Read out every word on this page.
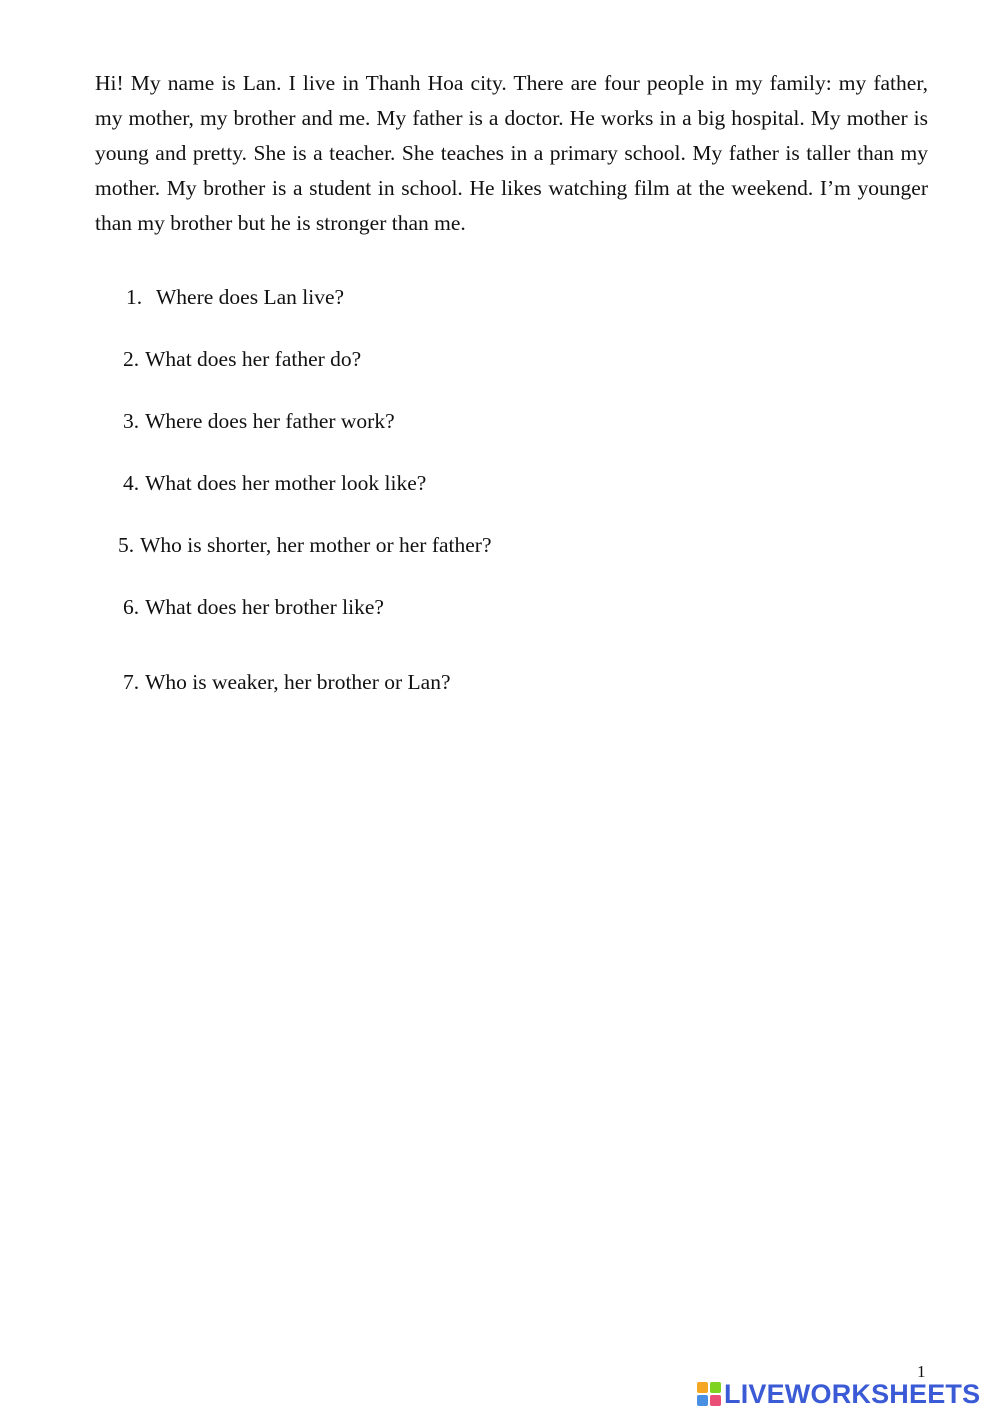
Hi! My name is Lan. I live in Thanh Hoa city. There are four people in my family: my father, my mother, my brother and me. My father is a doctor. He works in a big hospital. My mother is young and pretty. She is a teacher. She teaches in a primary school. My father is taller than my mother. My brother is a student in school. He likes watching film at the weekend. I’m younger than my brother but he is stronger than me.

1. Where does Lan live?
2. What does her father do?
3. Where does her father work?
4. What does her mother look like?
5. Who is shorter, her mother or her father?
6. What does her brother like?
7. Who is weaker, her brother or Lan?
1
LIVEWORKSHEETS
